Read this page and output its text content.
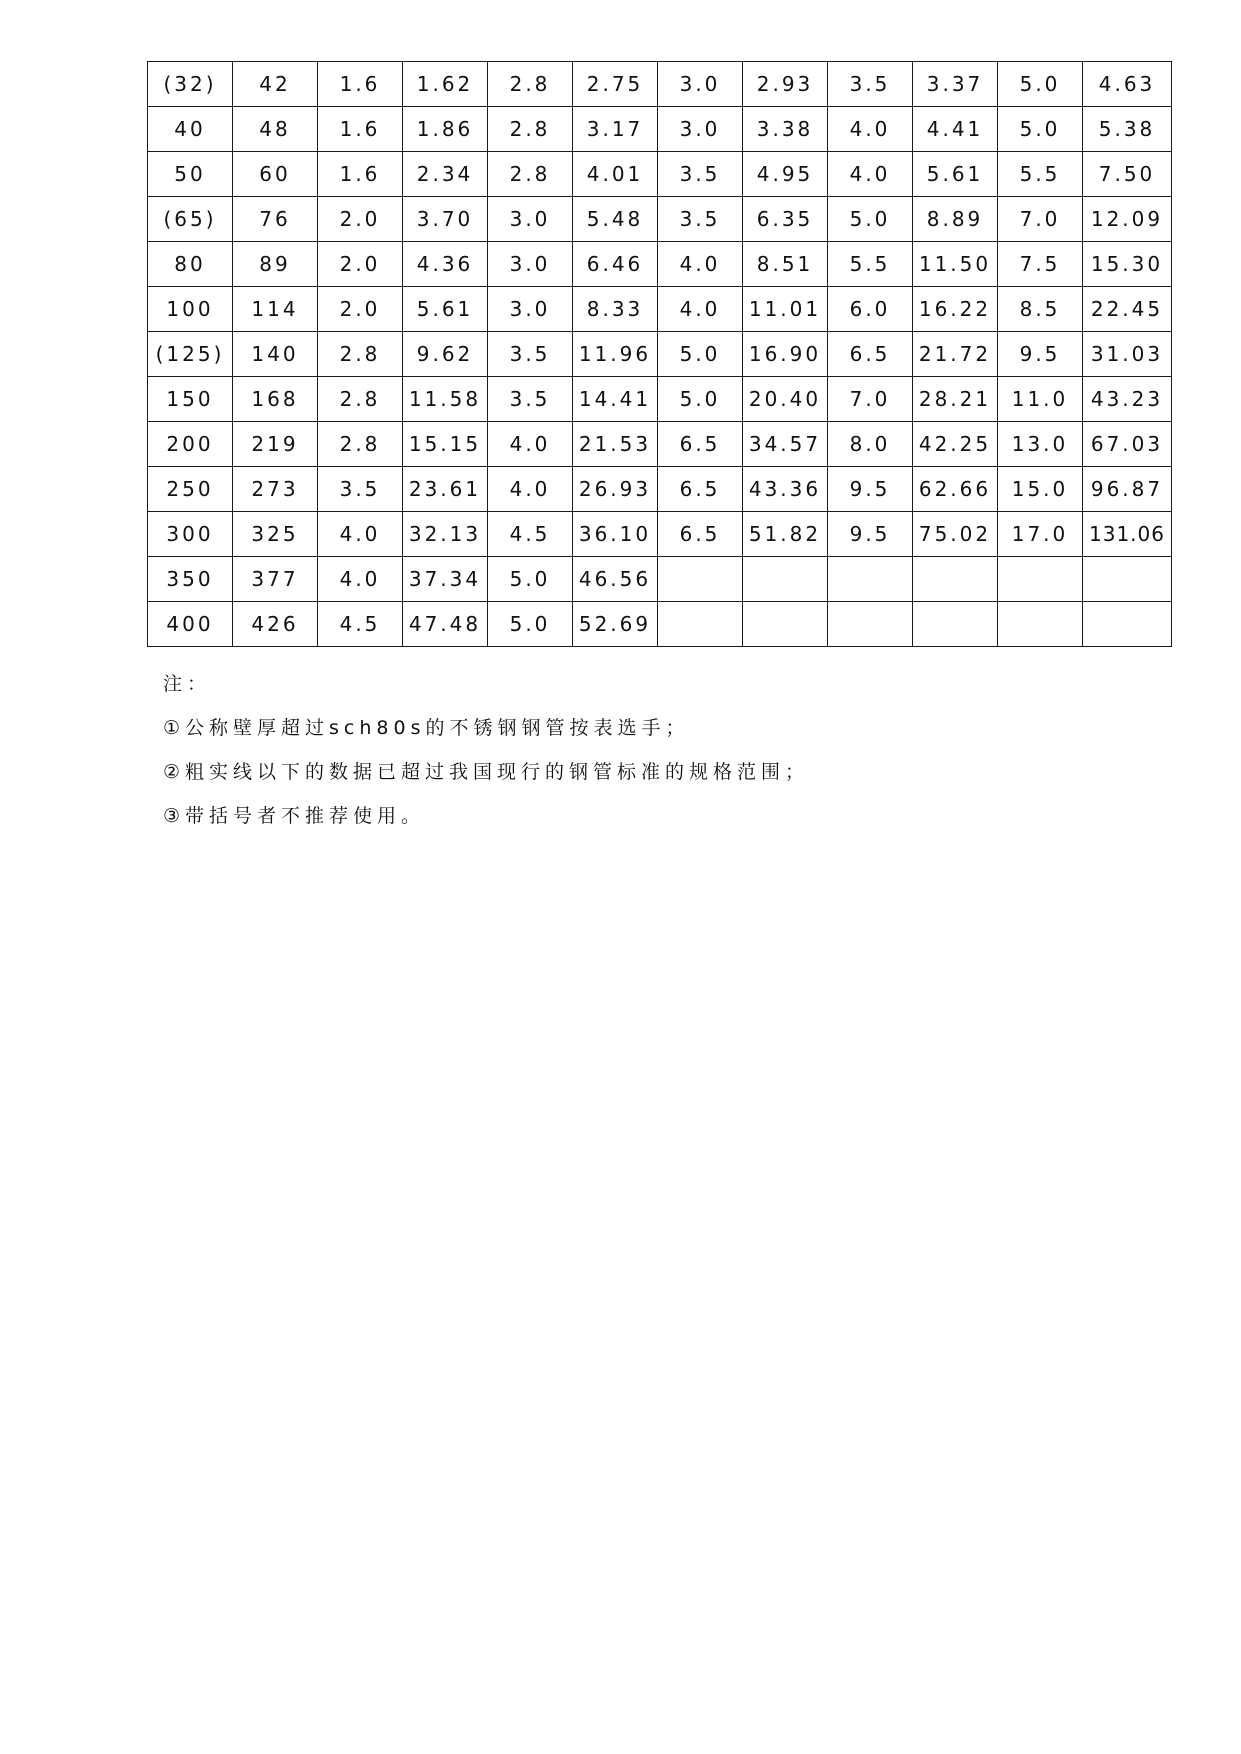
(32)	42	1.6	1.62	2.8	2.75	3.0	2.93	3.5	3.37	5.0	4.63
40	48	1.6	1.86	2.8	3.17	3.0	3.38	4.0	4.41	5.0	5.38
50	60	1.6	2.34	2.8	4.01	3.5	4.95	4.0	5.61	5.5	7.50
(65)	76	2.0	3.70	3.0	5.48	3.5	6.35	5.0	8.89	7.0	12.09
80	89	2.0	4.36	3.0	6.46	4.0	8.51	5.5	11.50	7.5	15.30
100	114	2.0	5.61	3.0	8.33	4.0	11.01	6.0	16.22	8.5	22.45
(125)	140	2.8	9.62	3.5	11.96	5.0	16.90	6.5	21.72	9.5	31.03
150	168	2.8	11.58	3.5	14.41	5.0	20.40	7.0	28.21	11.0	43.23
200	219	2.8	15.15	4.0	21.53	6.5	34.57	8.0	42.25	13.0	67.03
250	273	3.5	23.61	4.0	26.93	6.5	43.36	9.5	62.66	15.0	96.87
300	325	4.0	32.13	4.5	36.10	6.5	51.82	9.5	75.02	17.0	131.06
350	377	4.0	37.34	5.0	46.56						
400	426	4.5	47.48	5.0	52.69						
注：
①公称壁厚超过sch80s的不锈钢钢管按表选手；
②粗实线以下的数据已超过我国现行的钢管标准的规格范围；
③带括号者不推荐使用。
